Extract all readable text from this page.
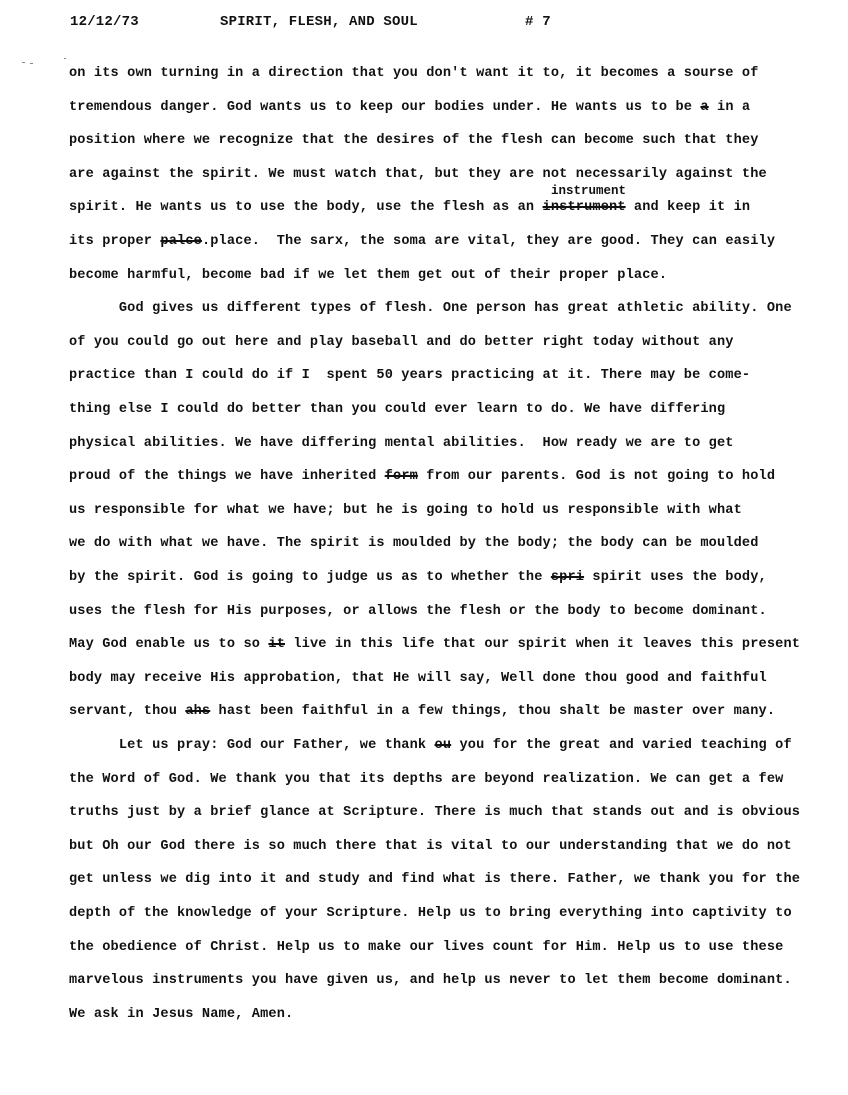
12/12/73	SPIRIT, FLESH, AND SOUL	# 7
instrument
on its own turning in a direction that you don't want it to, it becomes a sourse of
tremendous danger. God wants us to keep our bodies under. He wants us to be a in a
position where we recognize that the desires of the flesh can become such that they
are against the spirit. We must watch that, but they are not necessarily against the
spirit. He wants us to use the body, use the flesh as an instrument and keep it in
its proper palce.place.  The sarx, the soma are vital, they are good. They can easily
become harmful, become bad if we let them get out of their proper place.
God gives us different types of flesh. One person has great athletic ability. One
of you could go out here and play baseball and do better right today without any
practice than I could do if I  spent 50 years practicing at it. There may be come-
thing else I could do better than you could ever learn to do. We have differing
physical abilities. We have differing mental abilities.  How ready we are to get
proud of the things we have inherited form from our parents. God is not going to hold
us responsible for what we have; but he is going to hold us responsible with what
we do with what we have. The spirit is moulded by the body; the body can be moulded
by the spirit. God is going to judge us as to whether the spri spirit uses the body,
uses the flesh for His purposes, or allows the flesh or the body to become dominant.
May God enable us to so it live in this life that our spirit when it leaves this present
body may receive His approbation, that He will say, Well done thou good and faithful
servant, thou ahs hast been faithful in a few things, thou shalt be master over many.
Let us pray: God our Father, we thank ou you for the great and varied teaching of
the Word of God. We thank you that its depths are beyond realization. We can get a few
truths just by a brief glance at Scripture. There is much that stands out and is obvious
but Oh our God there is so much there that is vital to our understanding that we do not
get unless we dig into it and study and find what is there. Father, we thank you for the
depth of the knowledge of your Scripture. Help us to bring everything into captivity to
the obedience of Christ. Help us to make our lives count for Him. Help us to use these
marvelous instruments you have given us, and help us never to let them become dominant.
We ask in Jesus Name, Amen.
